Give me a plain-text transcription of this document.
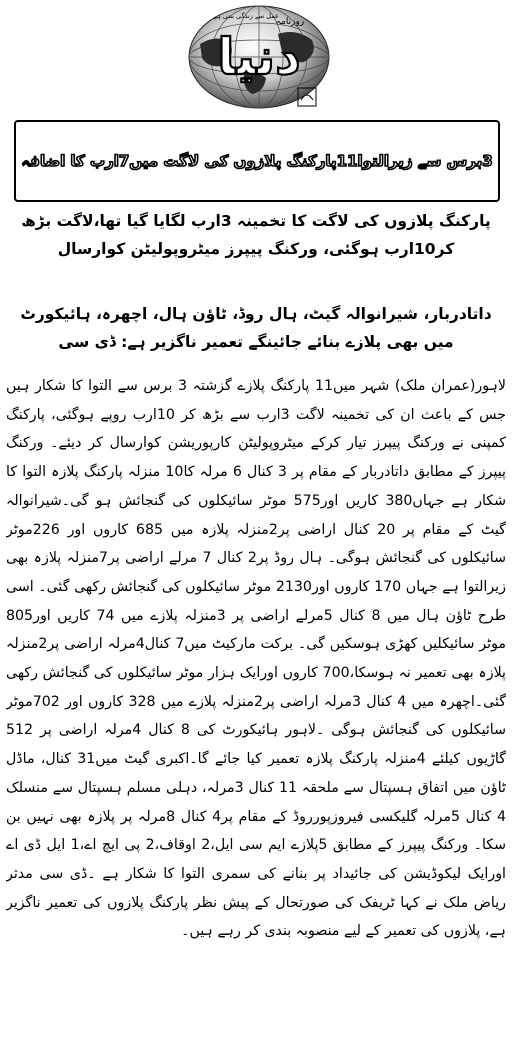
دنیا
روزنامہ
عمل سے زندگی بنتی ہے
3برس سے زیرالتوا11پارکنگ پلازوں کی لاگت میں7ارب کا اضافہ
پارکنگ پلازوں کی لاگت کا تخمینہ 3ارب لگایا گیا تھا،لاگت بڑھ کر10ارب ہوگئی، ورکنگ پیپرز میٹروپولیٹن کوارسال
داتادربار، شیرانوالہ گیٹ، ہال روڈ، ٹاؤن ہال، اچھرہ، ہائیکورٹ میں بھی پلازے بنائے جائینگے تعمیر ناگزیر ہے: ڈی سی

لاہور(عمران ملک) شہر میں11 پارکنگ پلازے گزشتہ 3 برس سے التوا کا شکار ہیں جس کے باعث ان کی تخمینہ لاگت 3ارب سے بڑھ کر 10ارب روپے ہوگئی، پارکنگ کمپنی نے ورکنگ پیپرز تیار کرکے میٹروپولیٹن کارپوریشن کوارسال کر دیئے۔ ورکنگ پیپرز کے مطابق داتادربار کے مقام پر 3 کنال 6 مرلہ کا10 منزلہ پارکنگ پلازہ التوا کا شکار ہے جہاں380 کاریں اور575 موٹر سائیکلوں کی گنجائش ہو گی۔شیرانوالہ گیٹ کے مقام پر 20 کنال اراضی پر2منزلہ پلازہ میں 685 کاروں اور 226موٹر سائیکلوں کی گنجائش ہوگی۔ ہال روڈ پر2 کنال 7 مرلے اراضی پر7منزلہ پلازہ بھی زیرالتوا ہے جہاں 170 کاروں اور2130 موٹر سائیکلوں کی گنجائش رکھی گئی۔ اسی طرح ٹاؤن ہال میں 8 کنال 5مرلے اراضی پر 3منزلہ پلازے میں 74 کاریں اور805 موٹر سائیکلیں کھڑی ہوسکیں گی۔ برکت مارکیٹ میں7 کنال4مرلہ اراضی پر2منزلہ پلازہ بھی تعمیر نہ ہوسکا،700 کاروں اورایک ہزار موٹر سائیکلوں کی گنجائش رکھی گئی۔اچھرہ میں 4 کنال 3مرلہ اراضی پر2منزلہ پلازے میں 328 کاروں اور 702موٹر سائیکلوں کی گنجائش ہوگی ۔لاہور ہائیکورٹ کی 8 کنال 4مرلہ اراضی پر 512 گاڑیوں کیلئے 4منزلہ پارکنگ پلازہ تعمیر کیا جائے گا۔اکبری گیٹ میں31 کنال، ماڈل ٹاؤن میں اتفاق ہسپتال سے ملحقہ 11 کنال 3مرلہ، دہلی مسلم ہسپتال سے منسلک 4 کنال 5مرلہ گلیکسی فیروزپورروڈ کے مقام پر4 کنال 8مرلہ پر پلازہ بھی نہیں بن سکا۔ ورکنگ پیپرز کے مطابق 5پلازے ایم سی ایل،2 اوقاف،2 پی ایچ اے،1 ایل ڈی اے اورایک لیکوڈیشن کی جائیداد پر بنانے کی سمری التوا کا شکار ہے ۔ڈی سی مدثر ریاض ملک نے کہا ٹریفک کی صورتحال کے پیش نظر پارکنگ پلازوں کی تعمیر ناگزیر ہے، پلازوں کی تعمیر کے لیے منصوبہ بندی کر رہے ہیں۔
